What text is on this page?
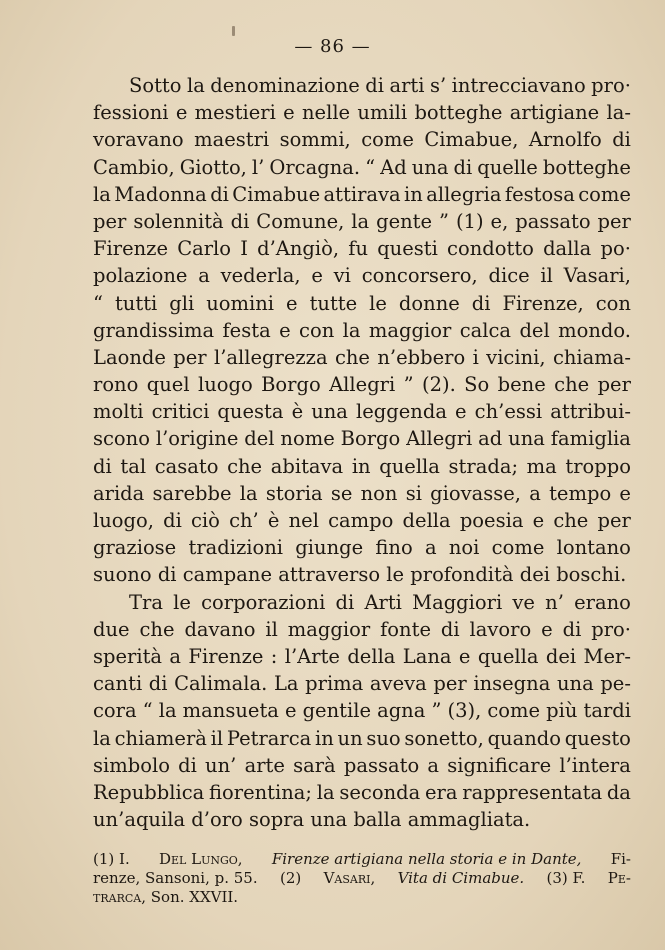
— 86 —
Sotto la denominazione di arti s’ intrecciavano pro·
fessioni e mestieri e nelle umili botteghe artigiane la-
voravano maestri sommi, come Cimabue, Arnolfo di
Cambio, Giotto, l’ Orcagna. “ Ad una di quelle botteghe
la Madonna di Cimabue attirava in allegria festosa come
per solennità di Comune, la gente ” (1) e, passato per
Firenze Carlo I d’Angiò, fu questi condotto dalla po·
polazione a vederla, e vi concorsero, dice il Vasari,
“ tutti gli uomini e tutte le donne di Firenze, con
grandissima festa e con la maggior calca del mondo.
Laonde per l’allegrezza che n’ebbero i vicini, chiama-
rono quel luogo Borgo Allegri ” (2). So bene che per
molti critici questa è una leggenda e ch’essi attribui-
scono l’origine del nome Borgo Allegri ad una famiglia
di tal casato che abitava in quella strada; ma troppo
arida sarebbe la storia se non si giovasse, a tempo e
luogo, di ciò ch’ è nel campo della poesia e che per
graziose tradizioni giunge fino a noi come lontano
suono
di
campane
attraverso
le
profondità
dei
boschi.
Tra le corporazioni di Arti Maggiori ve n’ erano
due che davano il maggior fonte di lavoro e di pro·
sperità a Firenze : l’Arte della Lana e quella dei Mer-
canti di Calimala. La prima aveva per insegna una pe-
cora “ la mansueta e gentile agna ” (3), come più tardi
la chiamerà il Petrarca in un suo sonetto, quando questo
simbolo di un’ arte sarà passato a significare l’intera
Repubblica fiorentina; la seconda era rappresentata da
un’aquila
d’oro
sopra
una
balla
ammagliata.
(1) I. Del Lungo, Firenze artigiana nella storia e in Dante, Fi-
renze, Sansoni, p. 55. (2) Vasari, Vita di Cimabue. (3) F. Pe-
trarca,
Son. XXVII.
